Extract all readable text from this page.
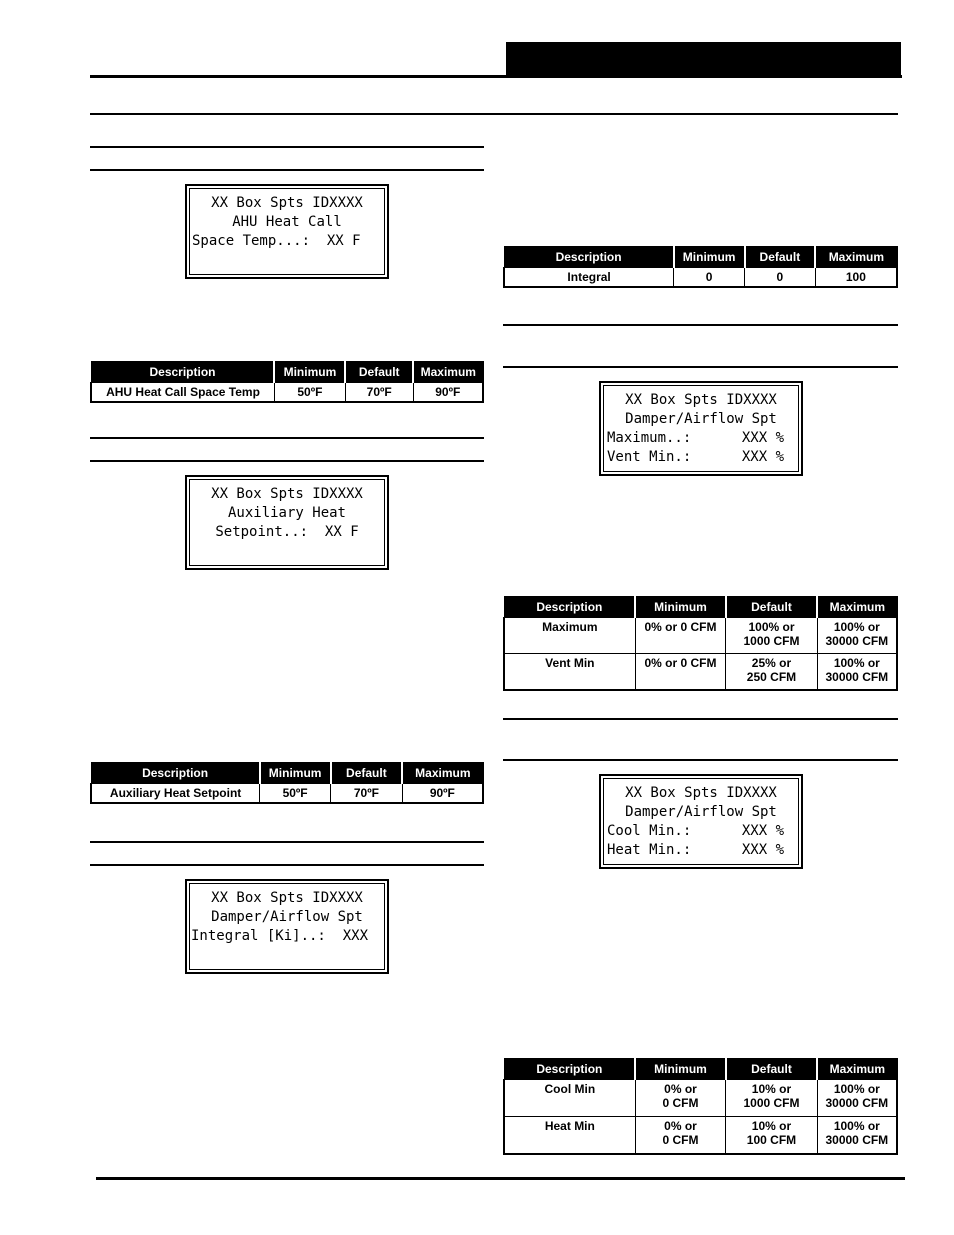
XX Box Spts IDXXXX
AHU Heat Call
Space Temp...:  XX F
Description	Minimum	Default	Maximum
AHU Heat Call Space Temp	50ºF	70ºF	90ºF
XX Box Spts IDXXXX
Auxiliary Heat
Setpoint..:  XX F
Description	Minimum	Default	Maximum
Auxiliary Heat Setpoint	50ºF	70ºF	90ºF
XX Box Spts IDXXXX
Damper/Airflow Spt
Integral [Ki]..:  XXX
Description	Minimum	Default	Maximum
Integral	0	0	100
XX Box Spts IDXXXX
Damper/Airflow Spt
Maximum..:      XXX %
Vent Min.:      XXX %
Description	Minimum	Default	Maximum
Maximum	0% or 0 CFM	100% or
1000 CFM	100% or
30000 CFM
Vent Min	0% or 0 CFM	25% or
250 CFM	100% or
30000 CFM
XX Box Spts IDXXXX
Damper/Airflow Spt
Cool Min.:      XXX %
Heat Min.:      XXX %
Description	Minimum	Default	Maximum
Cool Min	0% or
0 CFM	10% or
1000 CFM	100% or
30000 CFM
Heat Min	0% or
0 CFM	10% or
100 CFM	100% or
30000 CFM
